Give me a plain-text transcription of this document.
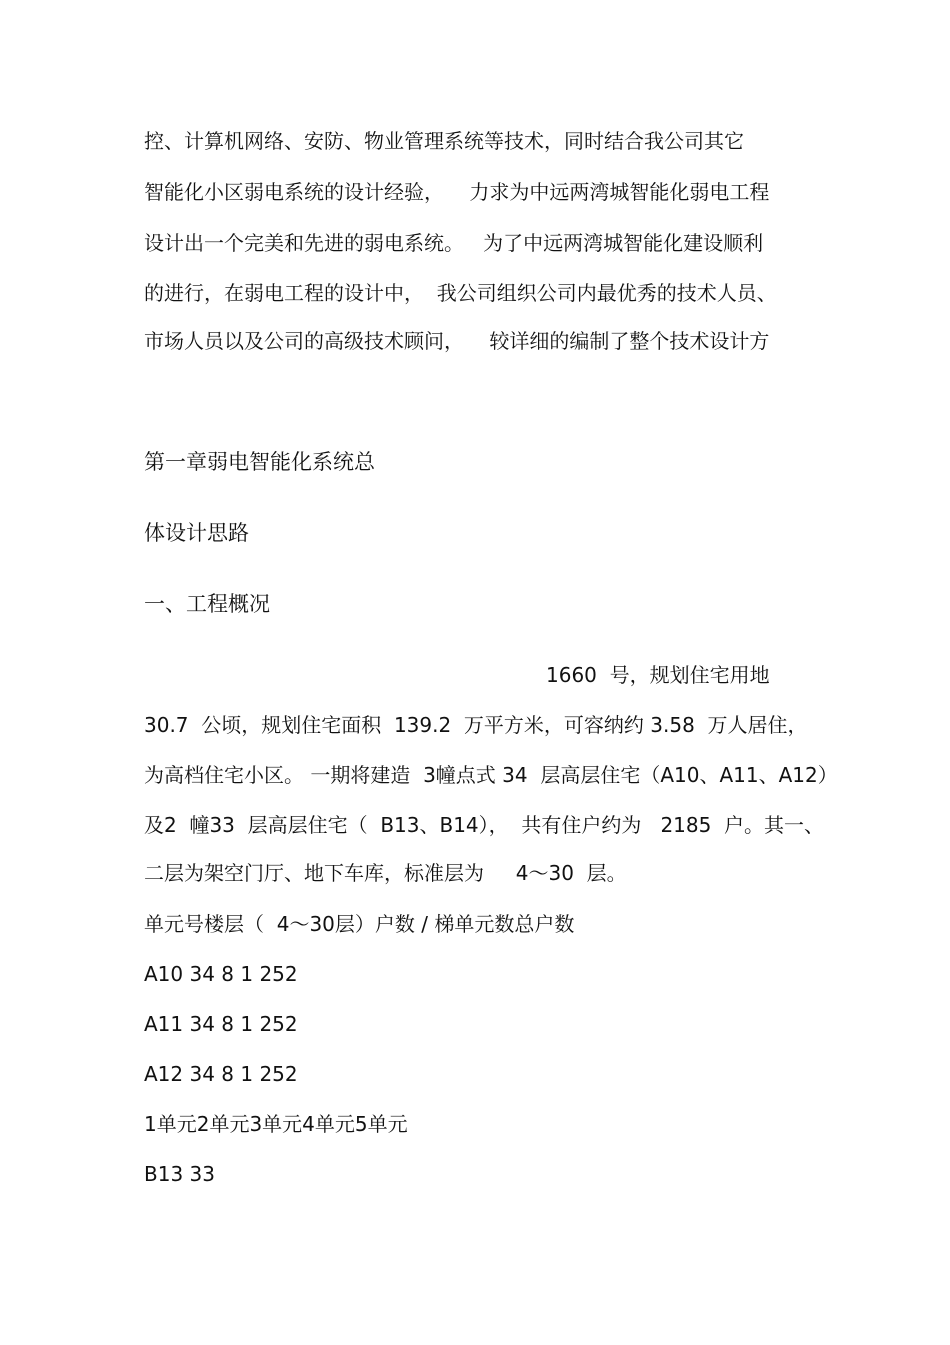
控、计算机网络、安防、物业管理系统等技术，同时结合我公司其它

智能化小区弱电系统的设计经验，    力求为中远两湾城智能化弱电工程

设计出一个完美和先进的弱电系统。   为了中远两湾城智能化建设顺利

的进行，在弱电工程的设计中，  我公司组织公司内最优秀的技术人员、

市场人员以及公司的高级技术顾问，    较详细的编制了整个技术设计方

第一章弱电智能化系统总

体设计思路

一、工程概况

1660  号，规划住宅用地

30.7  公顷，规划住宅面积  139.2  万平方米，可容纳约 3.58  万人居住，

为高档住宅小区。 一期将建造  3幢点式 34  层高层住宅（A10、A11、A12）

及2  幢33  层高层住宅（  B13、B14），  共有住户约为   2185  户。其一、

二层为架空门厅、地下车库，标准层为     4～30  层。

单元号楼层（  4～30层）户数 / 梯单元数总户数

A10 34 8 1 252

A11 34 8 1 252

A12 34 8 1 252

1单元2单元3单元4单元5单元

B13 33
